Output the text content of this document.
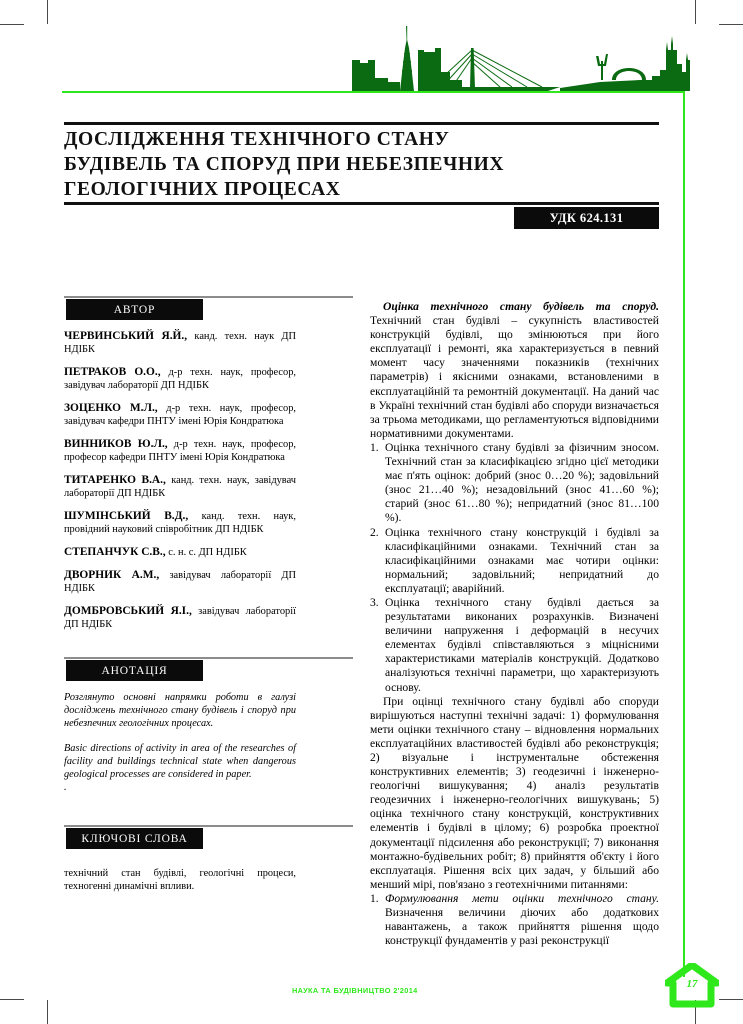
ДОСЛІДЖЕННЯ ТЕХНІЧНОГО СТАНУ
БУДІВЕЛЬ ТА СПОРУД ПРИ НЕБЕЗПЕЧНИХ
ГЕОЛОГІЧНИХ ПРОЦЕСАХ
УДК 624.131
АВТОР
ЧЕРВИНСЬКИЙ Я.Й., канд. техн. наук ДП НДІБК
ПЕТРАКОВ О.О., д-р техн. наук, професор, завідувач лабораторії ДП НДІБК
ЗОЦЕНКО М.Л., д-р техн. наук, професор, завідувач кафедри ПНТУ імені Юрія Кондратюка
ВИННИКОВ Ю.Л., д-р техн. наук, професор, професор кафедри ПНТУ імені Юрія Кондратюка
ТИТАРЕНКО В.А., канд. техн. наук, завідувач лабораторії ДП НДІБК
ШУМІНСЬКИЙ В.Д., канд. техн. наук, провідний науковий співробітник ДП НДІБК
СТЕПАНЧУК С.В., с. н. с. ДП НДІБК
ДВОРНИК А.М., завідувач лабораторії ДП НДІБК
ДОМБРОВСЬКИЙ Я.І., завідувач лабораторії ДП НДІБК
АНОТАЦІЯ
Розглянуто основні напрямки роботи в галузі досліджень технічного стану будівель і споруд при небезпечних геологічних процесах.
Basic directions of activity in area of the researches of facility and buildings technical state when dangerous geological processes are considered in paper.
.
КЛЮЧОВІ СЛОВА
технічний стан будівлі, геологічні процеси, техногенні динамічні впливи.

Оцінка технічного стану будівель та споруд. Технічний стан будівлі – сукупність властивостей конструкцій будівлі, що змінюються при його експлуатації і ремонті, яка характеризується в певний момент часу значеннями показників (технічних параметрів) і якісними ознаками, встановленими в експлуатаційній та ремонтній документації. На даний час в Україні технічний стан будівлі або споруди визначається за трьома методиками, що регламентуються відповідними нормативними документами.

1. Оцінка технічного стану будівлі за фізичним зносом. Технічний стан за класифікацією згідно цієї методики має п'ять оцінок: добрий (знос 0…20 %); задовільний (знос 21…40 %); незадовільний (знос 41…60 %); старий (знос 61…80 %); непридатний (знос 81…100 %).
2. Оцінка технічного стану конструкцій і будівлі за класифікаційними ознаками. Технічний стан за класифікаційними ознаками має чотири оцінки: нормальний; задовільний; непридатний до експлуатації; аварійний.
3. Оцінка технічного стану будівлі дається за результатами виконаних розрахунків. Визначені величини напруження і деформацій в несучих елементах будівлі співставляються з міцнісними характеристиками матеріалів конструкцій. Додатково аналізуються технічні параметри, що характеризують основу.

При оцінці технічного стану будівлі або споруди вирішуються наступні технічні задачі: 1) формулювання мети оцінки технічного стану – відновлення нормальних експлуатаційних властивостей будівлі або реконструкція; 2) візуальне і інструментальне обстеження конструктивних елементів; 3) геодезичні і інженерно-геологічні вишукування; 4) аналіз результатів геодезичних і інженерно-геологічних вишукувань; 5) оцінка технічного стану конструкцій, конструктивних елементів і будівлі в цілому; 6) розробка проектної документації підсилення або реконструкції; 7) виконання монтажно-будівельних робіт; 8) прийняття об'єкту і його експлуатація. Рішення всіх цих задач, у більший або менший мірі, пов'язано з геотехнічними питаннями:

1. Формулювання мети оцінки технічного стану. Визначення величини діючих або додаткових навантажень, а також прийняття рішення щодо конструкції фундаментів у разі реконструкції
НАУКА ТА БУДІВНИЦТВО 2'2014
17
